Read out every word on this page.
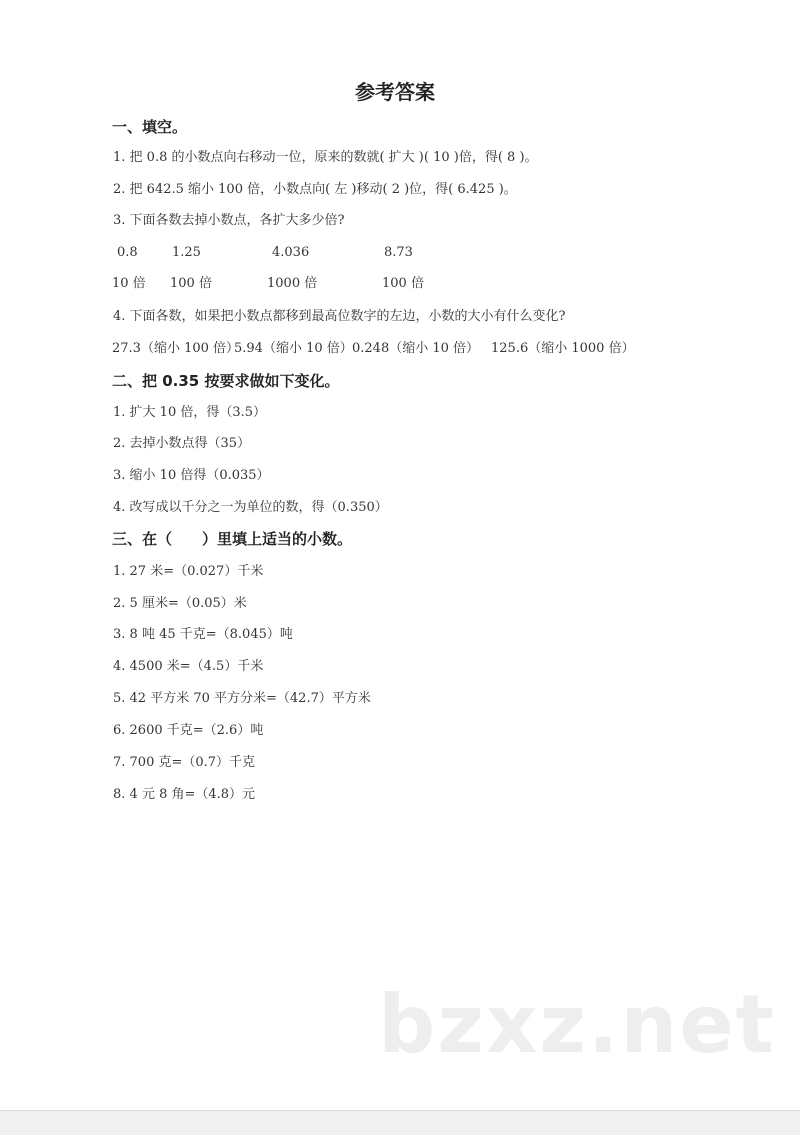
参考答案
一、填空。
1. 把 0.8 的小数点向右移动一位，原来的数就( 扩大 )( 10 )倍，得( 8 )。
2. 把 642.5 缩小 100 倍，小数点向( 左 )移动( 2 )位，得( 6.425 )。
3. 下面各数去掉小数点，各扩大多少倍?
0.8	1.25	4.036	8.73
10 倍 100 倍	1000 倍	100 倍
4. 下面各数，如果把小数点都移到最高位数字的左边，小数的大小有什么变化?
27.3（缩小 100 倍）
5.94（缩小 10 倍） 0.248（缩小 10 倍） 125.6（缩小 1000 倍）
二、把 0.35 按要求做如下变化。
1. 扩大 10 倍，得（3.5）
2. 去掉小数点得（35）
3. 缩小 10 倍得（0.035）
4. 改写成以千分之一为单位的数，得（0.350）
三、在（　　）里填上适当的小数。
1. 27 米=（0.027）千米
2. 5 厘米=（0.05）米
3. 8 吨 45 千克=（8.045）吨
4. 4500 米=（4.5）千米
5. 42 平方米 70 平方分米=（42.7）平方米
6. 2600 千克=（2.6）吨
7. 700 克=（0.7）千克
8. 4 元 8 角=（4.8）元
bzxz.net
